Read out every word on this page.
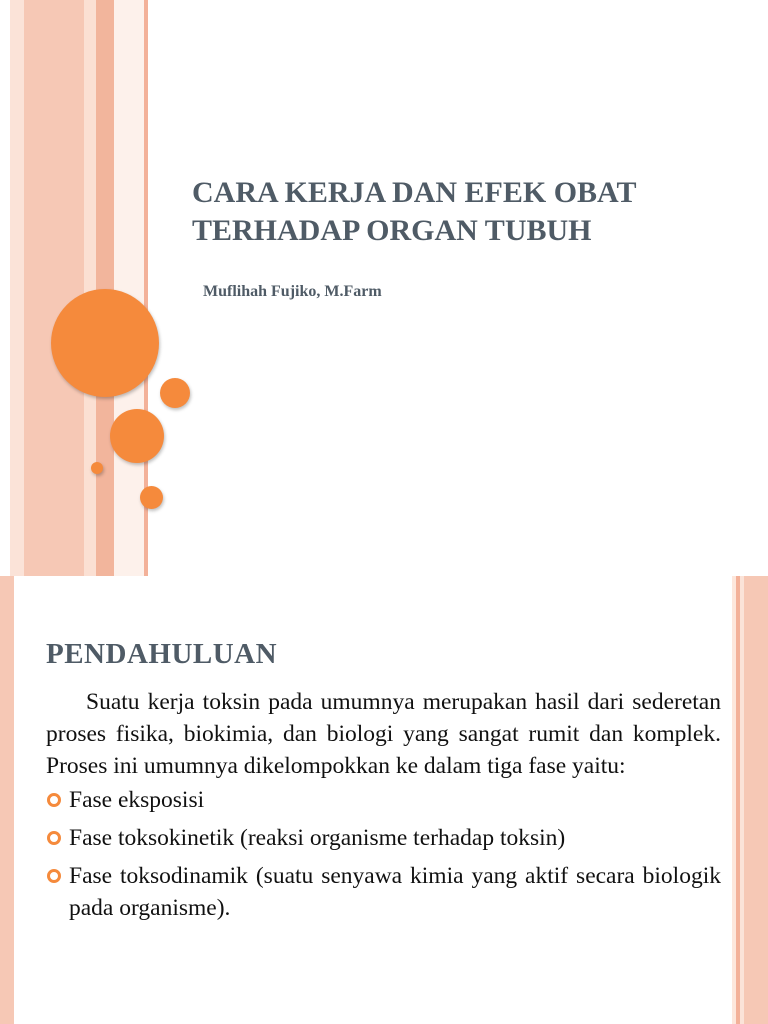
CARA KERJA DAN EFEK OBAT
TERHADAP ORGAN TUBUH
Muflihah Fujiko, M.Farm
PENDAHULUAN

Suatu kerja toksin pada umumnya merupakan hasil dari sederetan proses fisika, biokimia, dan biologi yang sangat rumit dan komplek. Proses ini umumnya dikelompokkan ke dalam tiga fase yaitu:

Fase eksposisi
Fase toksokinetik (reaksi organisme terhadap toksin)
Fase toksodinamik (suatu senyawa kimia yang aktif secara biologik pada organisme).
